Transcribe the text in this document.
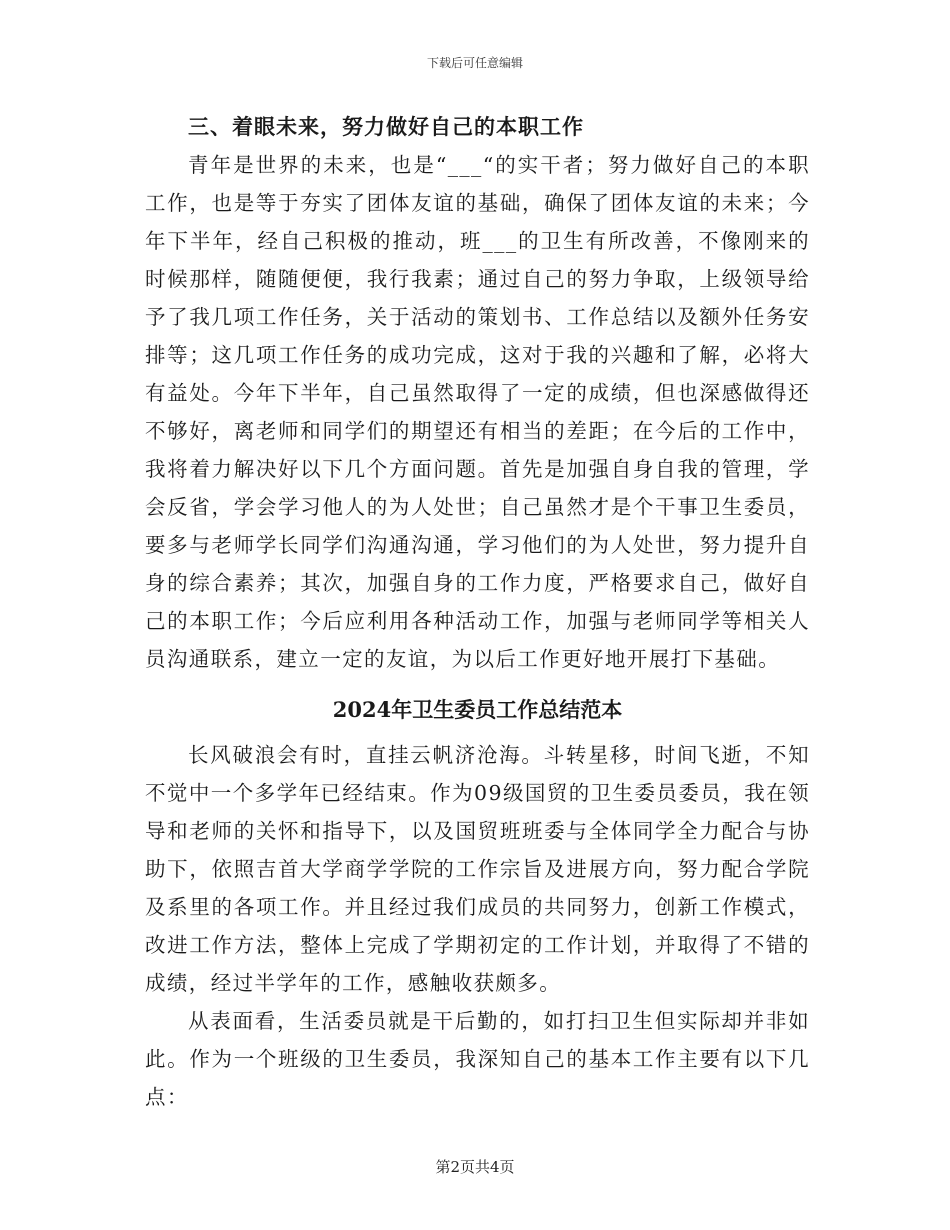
下载后可任意编辑
三、着眼未来，努力做好自己的本职工作

青年是世界的未来，也是“___“的实干者；努力做好自己的本职工作，也是等于夯实了团体友谊的基础，确保了团体友谊的未来；今年下半年，经自己积极的推动，班___的卫生有所改善，不像刚来的时候那样，随随便便，我行我素；通过自己的努力争取，上级领导给予了我几项工作任务，关于活动的策划书、工作总结以及额外任务安排等；这几项工作任务的成功完成，这对于我的兴趣和了解，必将大有益处。今年下半年，自己虽然取得了一定的成绩，但也深感做得还不够好，离老师和同学们的期望还有相当的差距；在今后的工作中，我将着力解决好以下几个方面问题。首先是加强自身自我的管理，学会反省，学会学习他人的为人处世；自己虽然才是个干事卫生委员，要多与老师学长同学们沟通沟通，学习他们的为人处世，努力提升自身的综合素养；其次，加强自身的工作力度，严格要求自己，做好自己的本职工作；今后应利用各种活动工作，加强与老师同学等相关人员沟通联系，建立一定的友谊，为以后工作更好地开展打下基础。

2024年卫生委员工作总结范本

长风破浪会有时，直挂云帆济沧海。斗转星移，时间飞逝，不知不觉中一个多学年已经结束。作为09级国贸的卫生委员委员，我在领导和老师的关怀和指导下，以及国贸班班委与全体同学全力配合与协助下，依照吉首大学商学学院的工作宗旨及进展方向，努力配合学院及系里的各项工作。并且经过我们成员的共同努力，创新工作模式，改进工作方法，整体上完成了学期初定的工作计划，并取得了不错的成绩，经过半学年的工作，感触收获颇多。

从表面看，生活委员就是干后勤的，如打扫卫生但实际却并非如此。作为一个班级的卫生委员，我深知自己的基本工作主要有以下几点：

第2页共4页
